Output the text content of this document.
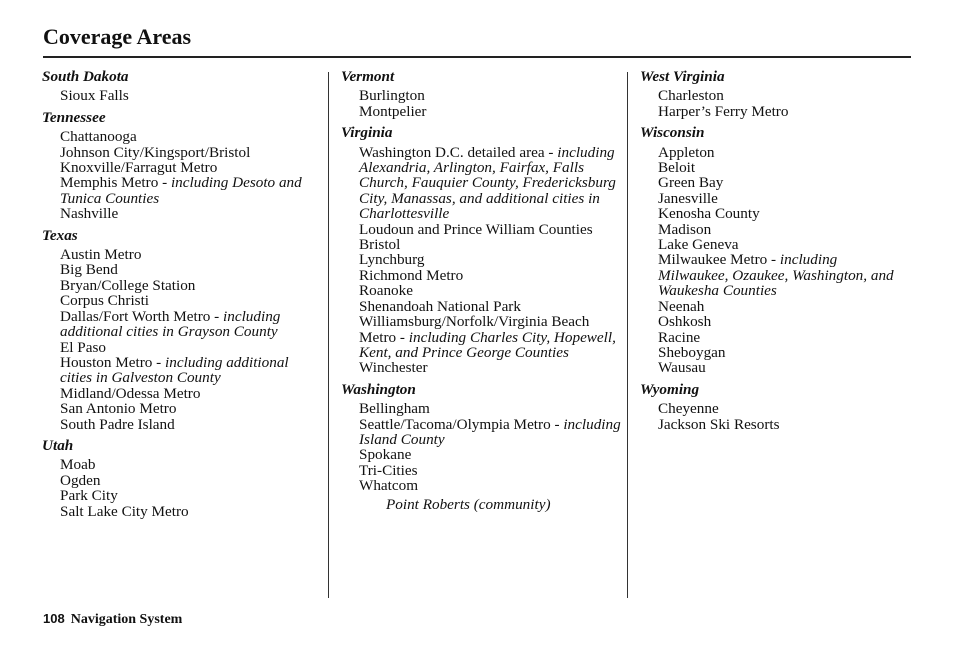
Coverage Areas
South Dakota
Sioux Falls
Tennessee
Chattanooga
Johnson City/Kingsport/Bristol
Knoxville/Farragut Metro
Memphis Metro - including Desoto and Tunica Counties
Nashville
Texas
Austin Metro
Big Bend
Bryan/College Station
Corpus Christi
Dallas/Fort Worth Metro - including additional cities in Grayson County
El Paso
Houston Metro - including additional cities in Galveston County
Midland/Odessa Metro
San Antonio Metro
South Padre Island
Utah
Moab
Ogden
Park City
Salt Lake City Metro
Vermont
Burlington
Montpelier
Virginia
Washington D.C. detailed area - including Alexandria, Arlington, Fairfax, Falls Church, Fauquier County, Fredericksburg City, Manassas, and additional cities in Charlottesville
Loudoun and Prince William Counties
Bristol
Lynchburg
Richmond Metro
Roanoke
Shenandoah National Park
Williamsburg/Norfolk/Virginia Beach Metro - including Charles City, Hopewell, Kent, and Prince George Counties
Winchester
Washington
Bellingham
Seattle/Tacoma/Olympia Metro - including Island County
Spokane
Tri-Cities
Whatcom
Point Roberts (community)
West Virginia
Charleston
Harper’s Ferry Metro
Wisconsin
Appleton
Beloit
Green Bay
Janesville
Kenosha County
Madison
Lake Geneva
Milwaukee Metro - including Milwaukee, Ozaukee, Washington, and Waukesha Counties
Neenah
Oshkosh
Racine
Sheboygan
Wausau
Wyoming
Cheyenne
Jackson Ski Resorts
108 Navigation System
